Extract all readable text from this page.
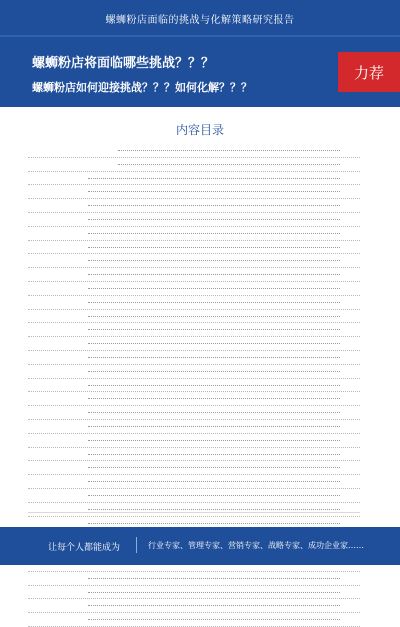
螺蛳粉店面临的挑战与化解策略研究报告
螺蛳粉店将面临哪些挑战？？？
螺蛳粉店如何迎接挑战？？？如何化解？？？
力荐
内容目录
让每个人都能成为	行业专家、管理专家、营销专家、战略专家、成功企业家……
